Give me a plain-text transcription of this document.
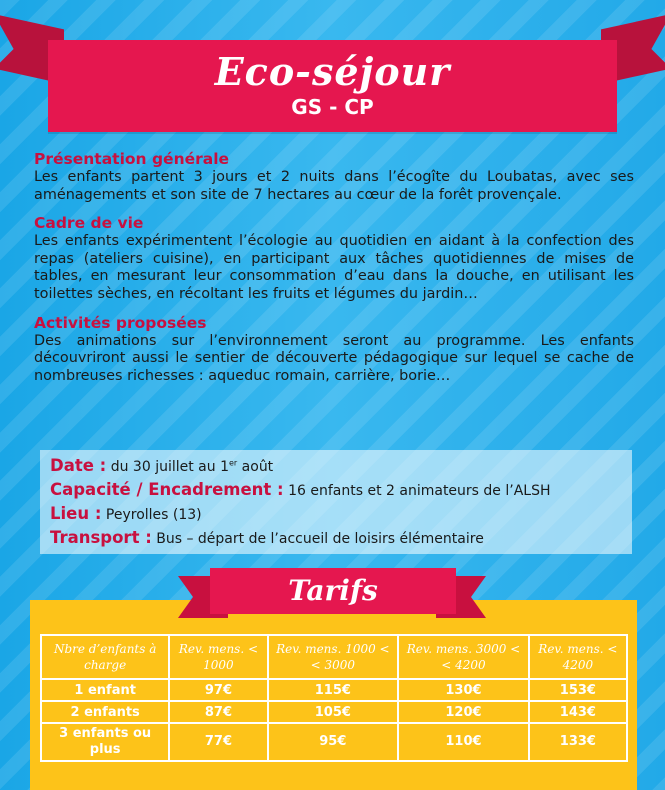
Eco-séjour
GS - CP
Présentation générale

Les enfants partent 3 jours et 2 nuits dans l’écogîte du Loubatas, avec ses aménagements et son site de 7 hectares au cœur de la forêt provençale.

Cadre de vie

Les enfants expérimentent l’écologie au quotidien en aidant à la confection des repas (ateliers cuisine), en participant aux tâches quotidiennes de mises de tables, en mesurant leur consommation d’eau dans la douche, en utilisant les toilettes sèches, en récoltant les fruits et légumes du jardin…

Activités proposées

Des animations sur l’environnement seront au programme. Les enfants découvriront aussi le sentier de découverte pédagogique sur lequel se cache de nombreuses richesses : aqueduc romain, carrière, borie…

Date : du 30 juillet au 1er août
Capacité / Encadrement : 16 enfants et 2 animateurs de l’ALSH
Lieu : Peyrolles (13)
Transport : Bus – départ de l’accueil de loisirs élémentaire
Nbre d’enfants à charge	Rev. mens. < 1000	Rev. mens. 1000 < < 3000	Rev. mens. 3000 < < 4200	Rev. mens. < 4200
1 enfant	97€	115€	130€	153€
2 enfants	87€	105€	120€	143€
3 enfants ou plus	77€	95€	110€	133€
Tarifs
